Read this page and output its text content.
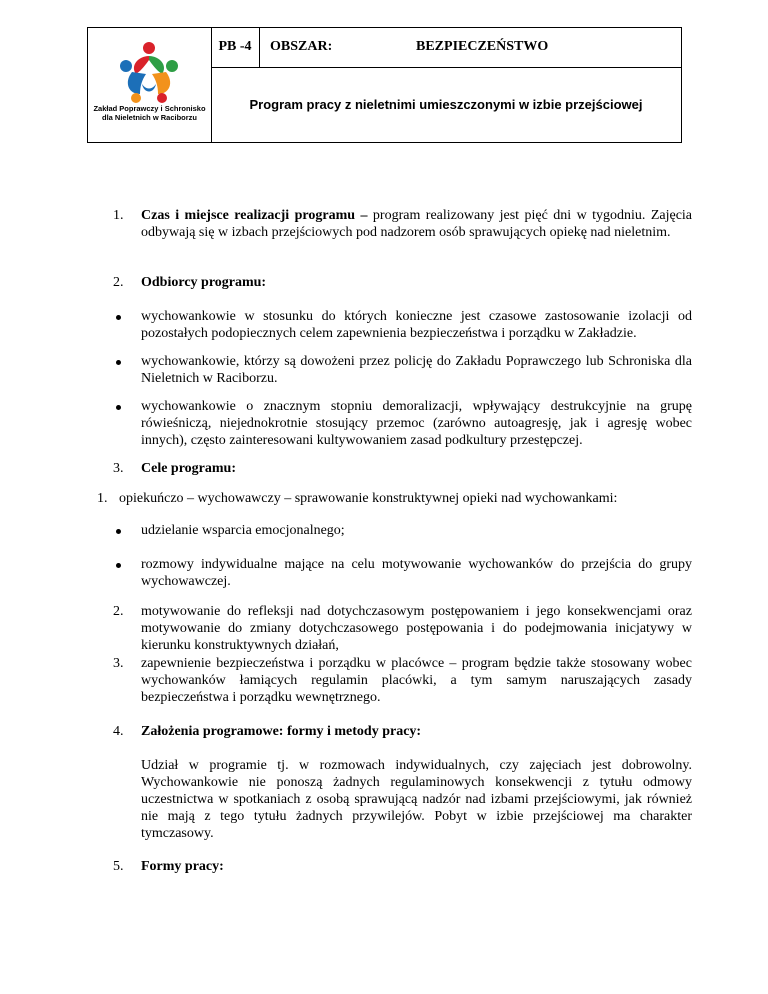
Zakład Poprawczy i Schronisko dla Nieletnich w Raciborzu
PB -4	OBSZAR:	BEZPIECZEŃSTWO
Program pracy z nieletnimi umieszczonymi w izbie przejściowej
1. Czas i miejsce realizacji programu – program realizowany jest pięć dni w tygodniu. Zajęcia odbywają się w izbach przejściowych pod nadzorem osób sprawujących opiekę nad nieletnim.
2. Odbiorcy programu:
wychowankowie w stosunku do których konieczne jest czasowe zastosowanie izolacji od pozostałych podopiecznych celem zapewnienia bezpieczeństwa i porządku w Zakładzie.
wychowankowie, którzy są dowożeni przez policję do Zakładu Poprawczego lub Schroniska dla Nieletnich w Raciborzu.
wychowankowie o znacznym stopniu demoralizacji, wpływający destrukcyjnie na grupę rówieśniczą, niejednokrotnie stosujący przemoc (zarówno autoagresję, jak i agresję wobec innych), często zainteresowani kultywowaniem zasad podkultury przestępczej.
3. Cele programu:
1. opiekuńczo – wychowawczy – sprawowanie konstruktywnej opieki nad wychowankami:
udzielanie wsparcia emocjonalnego;
rozmowy indywidualne mające na celu motywowanie wychowanków do przejścia do grupy wychowawczej.
2. motywowanie do refleksji nad dotychczasowym postępowaniem i jego konsekwencjami oraz motywowanie do zmiany dotychczasowego postępowania i do podejmowania inicjatywy w kierunku konstruktywnych działań,
3. zapewnienie bezpieczeństwa i porządku w placówce – program będzie także stosowany wobec wychowanków łamiących regulamin placówki, a tym samym naruszających zasady bezpieczeństwa i porządku wewnętrznego.
4. Założenia programowe: formy i metody pracy:
Udział w programie tj. w rozmowach indywidualnych, czy zajęciach jest dobrowolny. Wychowankowie nie ponoszą żadnych regulaminowych konsekwencji z tytułu odmowy uczestnictwa w spotkaniach z osobą sprawującą nadzór nad izbami przejściowymi, jak również nie mają z tego tytułu żadnych przywilejów. Pobyt w izbie przejściowej ma charakter tymczasowy.
5. Formy pracy:
